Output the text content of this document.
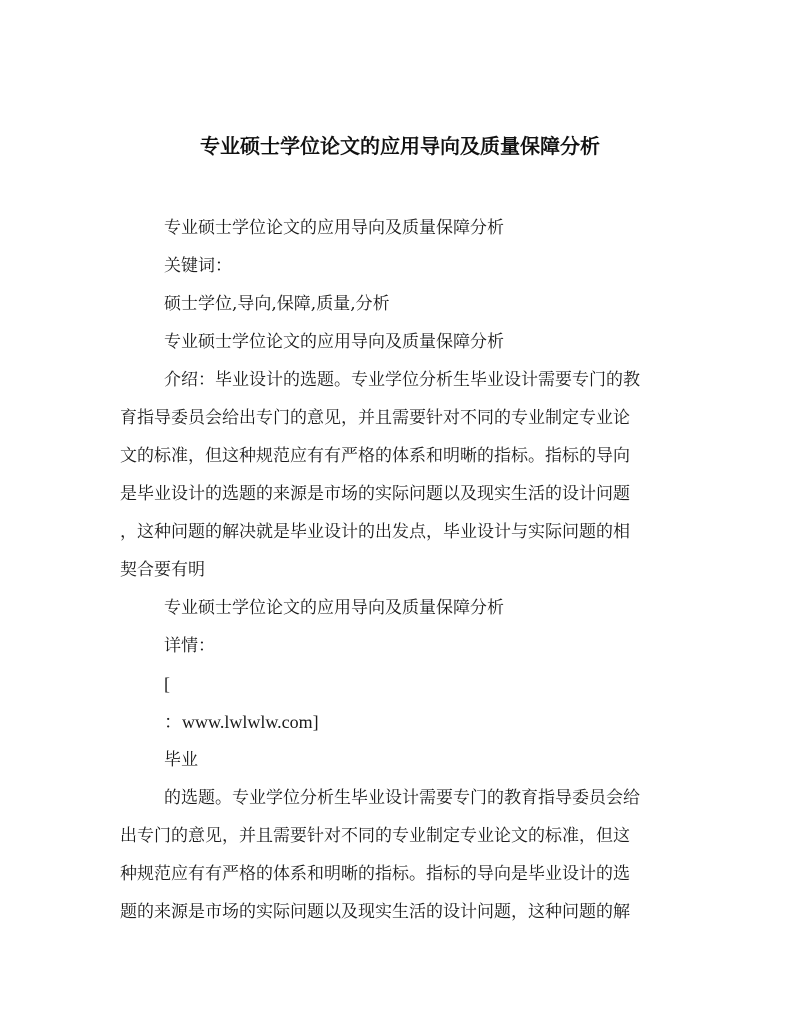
专业硕士学位论文的应用导向及质量保障分析
专业硕士学位论文的应用导向及质量保障分析
关键词：
硕士学位,导向,保障,质量,分析
专业硕士学位论文的应用导向及质量保障分析
介绍：毕业设计的选题。专业学位分析生毕业设计需要专门的教
育指导委员会给出专门的意见，并且需要针对不同的专业制定专业论
文的标准，但这种规范应有有严格的体系和明晰的指标。指标的导向
是毕业设计的选题的来源是市场的实际问题以及现实生活的设计问题
，这种问题的解决就是毕业设计的出发点，毕业设计与实际问题的相
契合要有明
专业硕士学位论文的应用导向及质量保障分析
详情：
[
：www.lwlwlw.com]
毕业
的选题。专业学位分析生毕业设计需要专门的教育指导委员会给
出专门的意见，并且需要针对不同的专业制定专业论文的标准，但这
种规范应有有严格的体系和明晰的指标。指标的导向是毕业设计的选
题的来源是市场的实际问题以及现实生活的设计问题，这种问题的解
